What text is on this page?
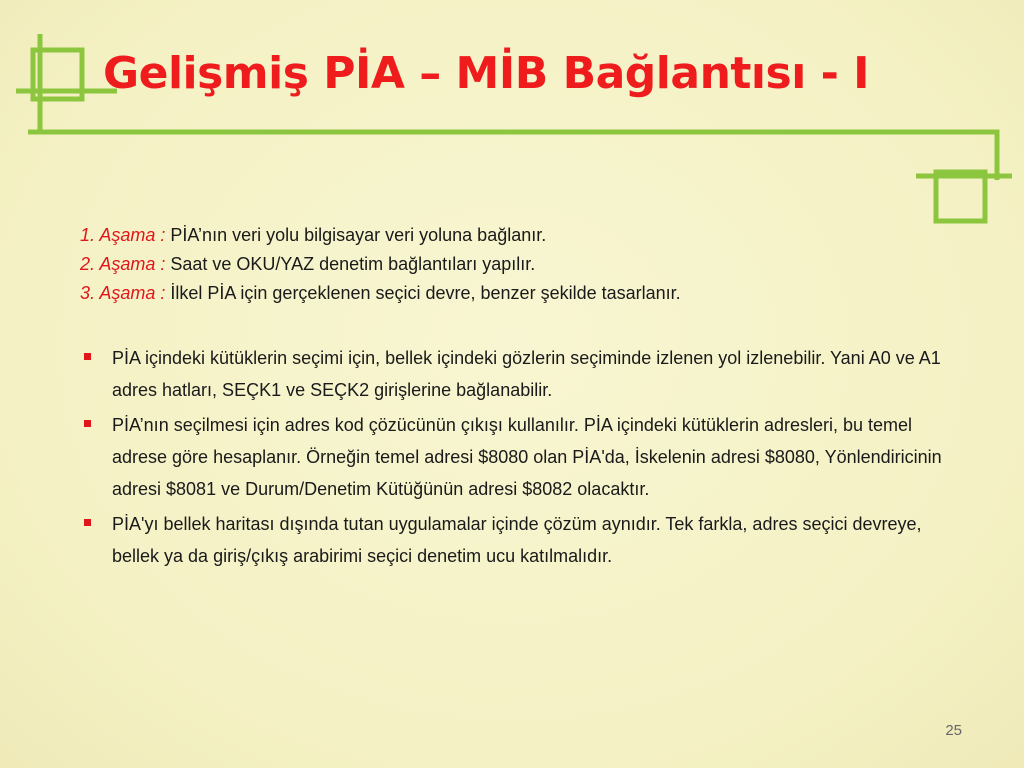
Gelişmiş PİA – MİB Bağlantısı - I
1. Aşama : PİA’nın veri yolu bilgisayar veri yoluna bağlanır.
2. Aşama : Saat ve OKU/YAZ denetim bağlantıları yapılır.
3. Aşama : İlkel PİA için gerçeklenen seçici devre, benzer şekilde tasarlanır.
PİA içindeki kütüklerin seçimi için, bellek içindeki gözlerin seçiminde izlenen yol izlenebilir. Yani A0 ve A1 adres hatları, SEÇK1 ve SEÇK2 girişlerine bağlanabilir.
PİA’nın seçilmesi için adres kod çözücünün çıkışı kullanılır. PİA içindeki kütüklerin adresleri, bu temel adrese göre hesaplanır. Örneğin temel adresi $8080 olan PİA'da, İskelenin adresi $8080, Yönlendiricinin adresi $8081 ve Durum/Denetim Kütüğünün adresi $8082 olacaktır.
PİA'yı bellek haritası dışında tutan uygulamalar içinde çözüm aynıdır. Tek farkla, adres seçici devreye, bellek ya da giriş/çıkış arabirimi seçici denetim ucu katılmalıdır.
25
